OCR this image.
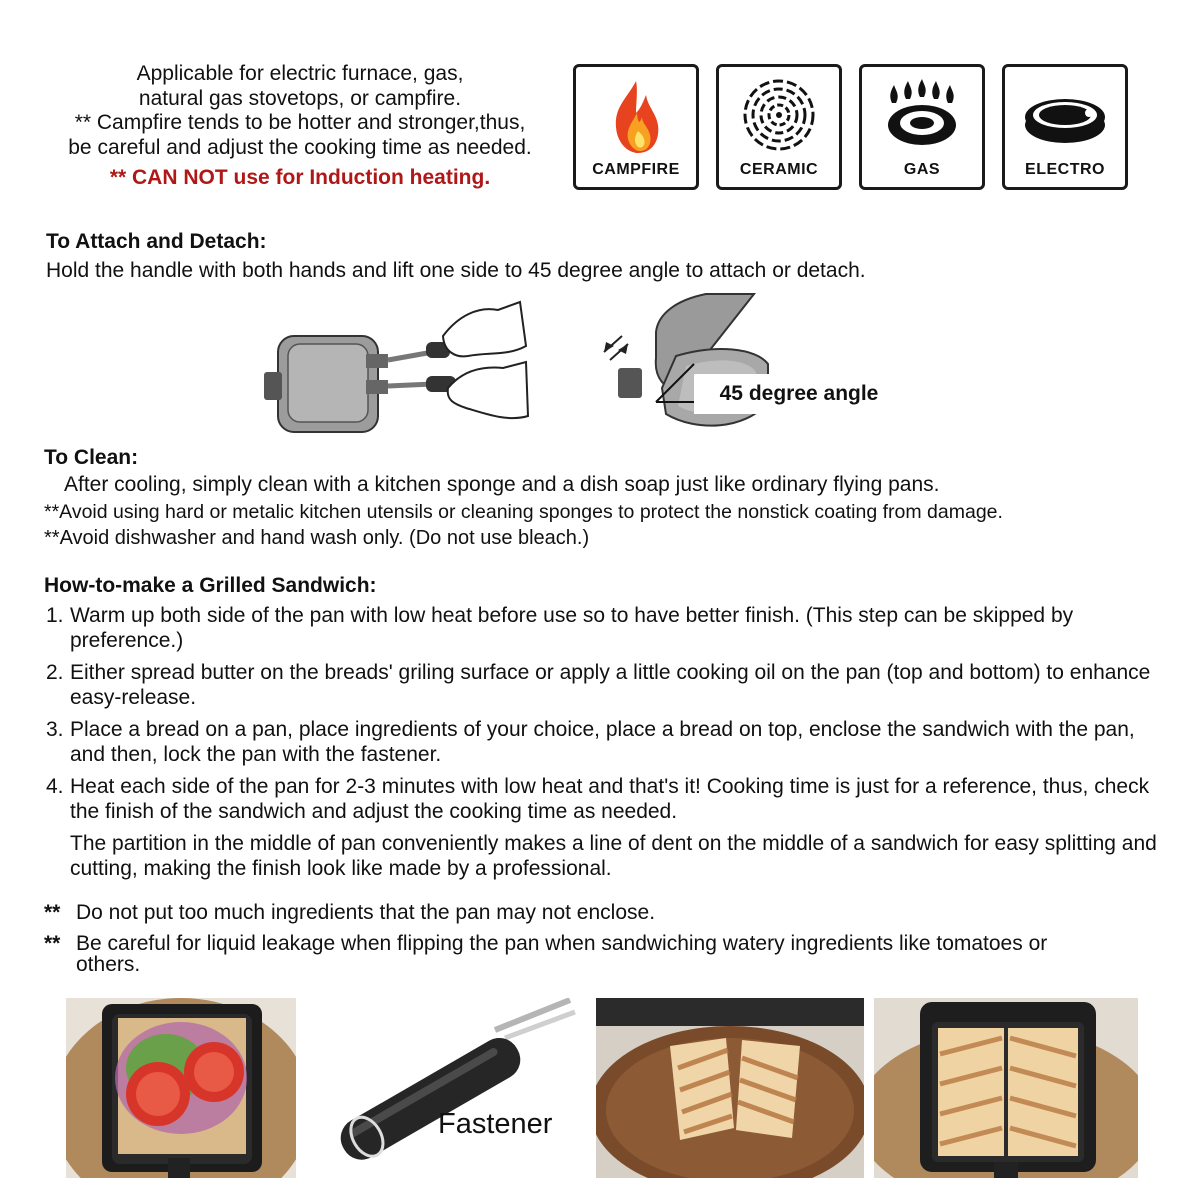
Applicable for electric furnace, gas,
natural gas stovetops, or campfire.
** Campfire tends to be hotter and stronger,thus,
be careful and adjust the cooking time as needed.
** CAN NOT use for Induction heating.	CAMPFIRE	CERAMIC	GAS	ELECTRO
To Attach and Detach:
Hold the handle with both hands and lift one side to 45 degree angle to attach or detach.
45 degree angle
To Clean:
After cooling, simply clean with a kitchen sponge and a dish soap just like ordinary flying pans.
**Avoid using hard or metalic kitchen utensils or cleaning sponges to protect the nonstick coating from damage.
**Avoid dishwasher and hand wash only. (Do not use bleach.)
How-to-make a Grilled Sandwich:
1. Warm up both side of the pan with low heat before use so to have better finish. (This step can be skipped by preference.)
2. Either spread butter on the breads' griling surface or apply a little cooking oil on the pan (top and bottom) to enhance easy-release.
3. Place a bread on a pan, place ingredients of your choice, place a bread on top, enclose the sandwich with the pan, and then, lock the pan with the fastener.
4. Heat each side of the pan for 2-3 minutes with low heat and that's it! Cooking time is just for a reference, thus, check the finish of the sandwich and adjust the cooking time as needed.
The partition in the middle of pan conveniently makes a line of dent on the middle of a sandwich for easy splitting and cutting, making the finish look like made by a professional.
** Do not put too much ingredients that the pan may not enclose.
** Be careful for liquid leakage when flipping the pan when sandwiching watery ingredients like tomatoes or others.
Fastener
